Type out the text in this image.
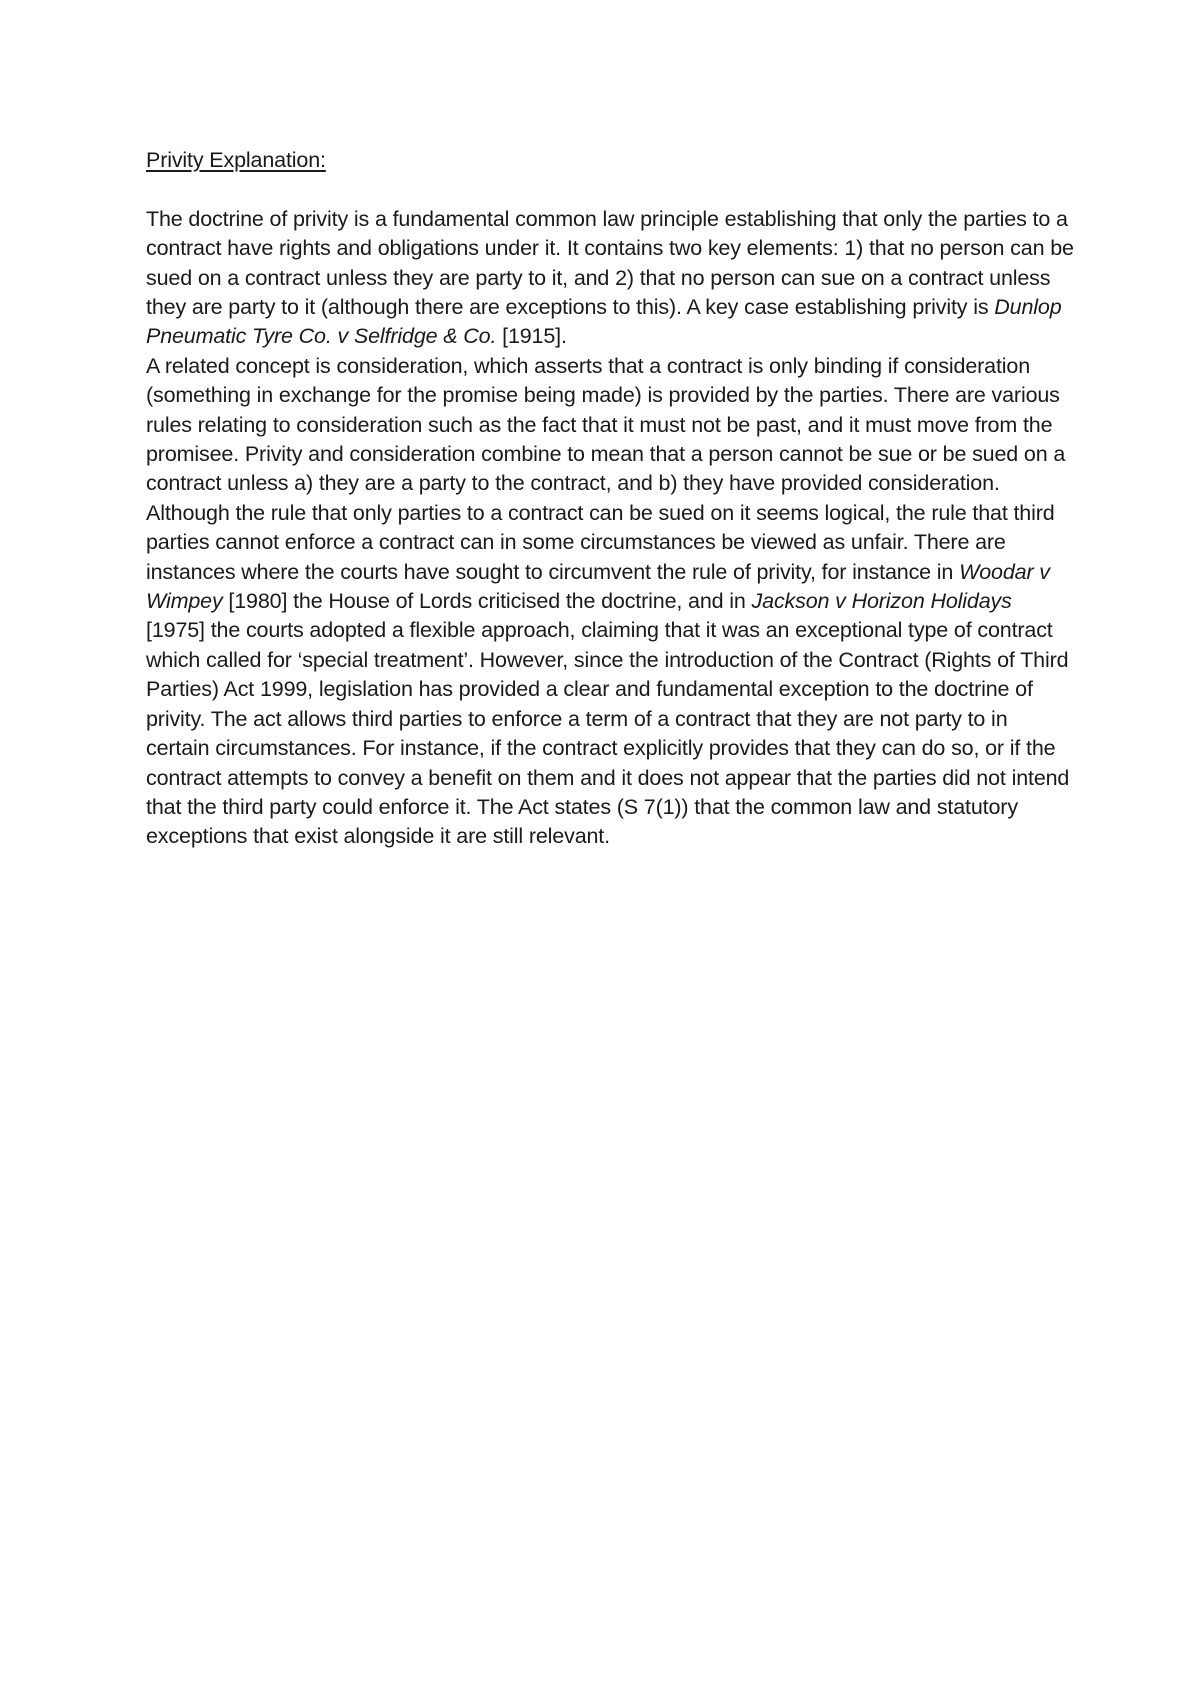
Privity Explanation:

The doctrine of privity is a fundamental common law principle establishing that only the parties to a contract have rights and obligations under it. It contains two key elements: 1) that no person can be sued on a contract unless they are party to it, and 2) that no person can sue on a contract unless they are party to it (although there are exceptions to this). A key case establishing privity is Dunlop Pneumatic Tyre Co. v Selfridge & Co. [1915].

A related concept is consideration, which asserts that a contract is only binding if consideration (something in exchange for the promise being made) is provided by the parties. There are various rules relating to consideration such as the fact that it must not be past, and it must move from the promisee. Privity and consideration combine to mean that a person cannot be sue or be sued on a contract unless a) they are a party to the contract, and b) they have provided consideration.

Although the rule that only parties to a contract can be sued on it seems logical, the rule that third parties cannot enforce a contract can in some circumstances be viewed as unfair. There are instances where the courts have sought to circumvent the rule of privity, for instance in Woodar v Wimpey [1980] the House of Lords criticised the doctrine, and in Jackson v Horizon Holidays [1975] the courts adopted a flexible approach, claiming that it was an exceptional type of contract which called for ‘special treatment’. However, since the introduction of the Contract (Rights of Third Parties) Act 1999, legislation has provided a clear and fundamental exception to the doctrine of privity. The act allows third parties to enforce a term of a contract that they are not party to in certain circumstances. For instance, if the contract explicitly provides that they can do so, or if the contract attempts to convey a benefit on them and it does not appear that the parties did not intend that the third party could enforce it. The Act states (S 7(1)) that the common law and statutory exceptions that exist alongside it are still relevant.
